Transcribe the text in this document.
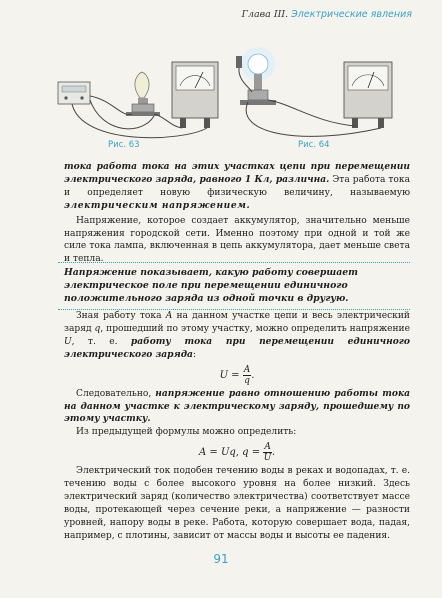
Глава III. Электрические явления
Рис. 63	Рис. 64

тока работа тока на этих участках цепи при перемещении электрического заряда, равного 1 Кл, различна. Эта работа тока и определяет новую физическую величину, называемую электрическим напряжением.

Напряжение, которое создает аккумулятор, значительно меньше напряжения городской сети. Именно поэтому при одной и той же силе тока лампа, включенная в цепь аккумулятора, дает меньше света и тепла.

Напряжение показывает, какую работу совершает электрическое поле при перемещении единичного положительного заряда из одной точки в другую.

Зная работу тока A на данном участке цепи и весь электрический заряд q, прошедший по этому участку, можно определить напряжение U, т. е. работу тока при перемещении единичного электрического заряда:

$U = \frac{A}{q}$ .

Следовательно, напряжение равно отношению работы тока на данном участке к электрическому заряду, прошедшему по этому участку.

Из предыдущей формулы можно определить:

A = Uq, $q = \frac{A}{U}$ .

Электрический ток подобен течению воды в реках и водопадах, т. е. течению воды с более высокого уровня на более низкий. Здесь электрический заряд (количество электричества) соответствует массе воды, протекающей через сечение реки, а напряжение — разности уровней, напору воды в реке. Работа, которую совершает вода, падая, например, с плотины, зависит от массы воды и высоты ее падения.

91
